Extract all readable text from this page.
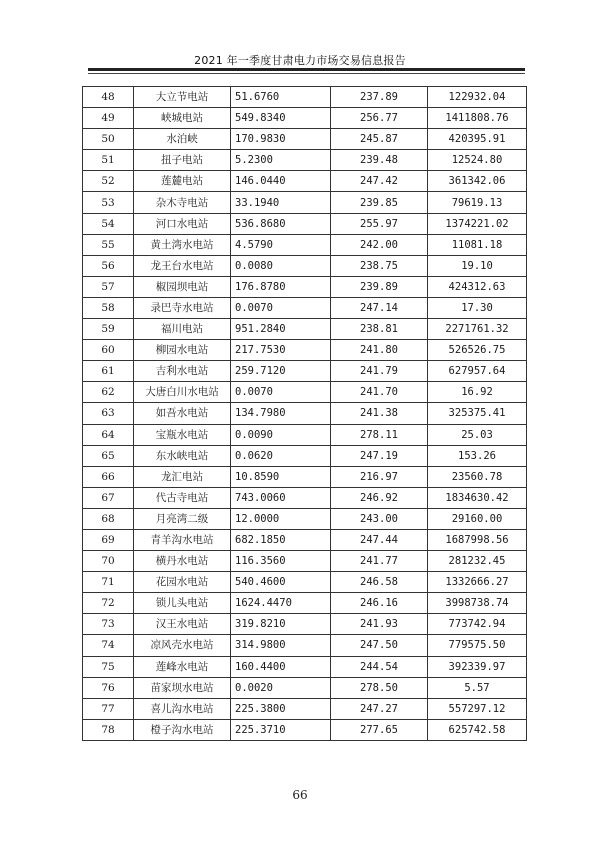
2021 年一季度甘肃电力市场交易信息报告
48	大立节电站	51.6760	237.89	122932.04
49	峡城电站	549.8340	256.77	1411808.76
50	水泊峡	170.9830	245.87	420395.91
51	扭子电站	5.2300	239.48	12524.80
52	莲麓电站	146.0440	247.42	361342.06
53	杂木寺电站	33.1940	239.85	79619.13
54	河口水电站	536.8680	255.97	1374221.02
55	黄土湾水电站	4.5790	242.00	11081.18
56	龙王台水电站	0.0080	238.75	19.10
57	椒园坝电站	176.8780	239.89	424312.63
58	录巴寺水电站	0.0070	247.14	17.30
59	福川电站	951.2840	238.81	2271761.32
60	柳园水电站	217.7530	241.80	526526.75
61	吉利水电站	259.7120	241.79	627957.64
62	大唐白川水电站	0.0070	241.70	16.92
63	如吾水电站	134.7980	241.38	325375.41
64	宝瓶水电站	0.0090	278.11	25.03
65	东水峡电站	0.0620	247.19	153.26
66	龙汇电站	10.8590	216.97	23560.78
67	代古寺电站	743.0060	246.92	1834630.42
68	月亮湾二级	12.0000	243.00	29160.00
69	青羊沟水电站	682.1850	247.44	1687998.56
70	横丹水电站	116.3560	241.77	281232.45
71	花园水电站	540.4600	246.58	1332666.27
72	锁儿头电站	1624.4470	246.16	3998738.74
73	汉王水电站	319.8210	241.93	773742.94
74	凉风壳水电站	314.9800	247.50	779575.50
75	莲峰水电站	160.4400	244.54	392339.97
76	苗家坝水电站	0.0020	278.50	5.57
77	喜儿沟水电站	225.3800	247.27	557297.12
78	橙子沟水电站	225.3710	277.65	625742.58
66
